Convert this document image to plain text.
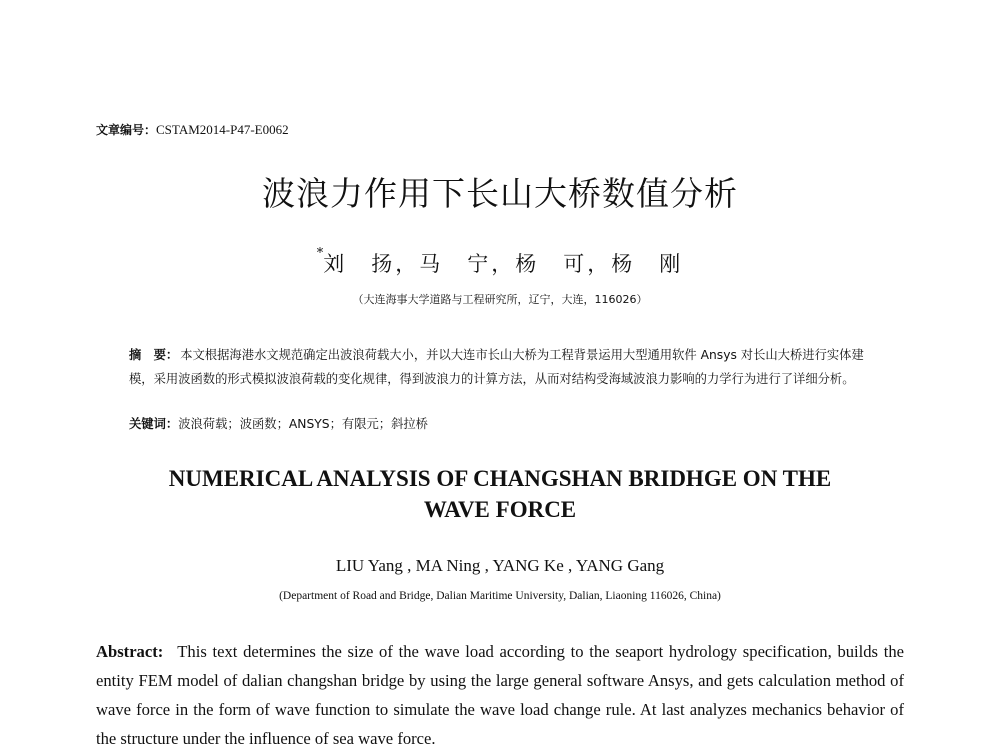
文章编号：CSTAM2014-P47-E0062
波浪力作用下长山大桥数值分析
*刘　扬，马　宁，杨　可，杨　刚
（大连海事大学道路与工程研究所，辽宁，大连，116026）
摘　要： 本文根据海港水文规范确定出波浪荷载大小，并以大连市长山大桥为工程背景运用大型通用软件 Ansys 对长山大桥进行实体建模，采用波函数的形式模拟波浪荷载的变化规律，得到波浪力的计算方法，从而对结构受海域波浪力影响的力学行为进行了详细分析。
关键词：波浪荷载；波函数；ANSYS；有限元；斜拉桥
NUMERICAL ANALYSIS OF CHANGSHAN BRIDHGE ON THE
WAVE FORCE
LIU Yang , MA Ning , YANG Ke , YANG Gang
(Department of Road and Bridge, Dalian Maritime University, Dalian, Liaoning 116026, China)
Abstract: This text determines the size of the wave load according to the seaport hydrology specification, builds the entity FEM model of dalian changshan bridge by using the large general software Ansys, and gets calculation method of wave force in the form of wave function to simulate the wave load change rule. At last analyzes mechanics behavior of the structure under the influence of sea wave force.
